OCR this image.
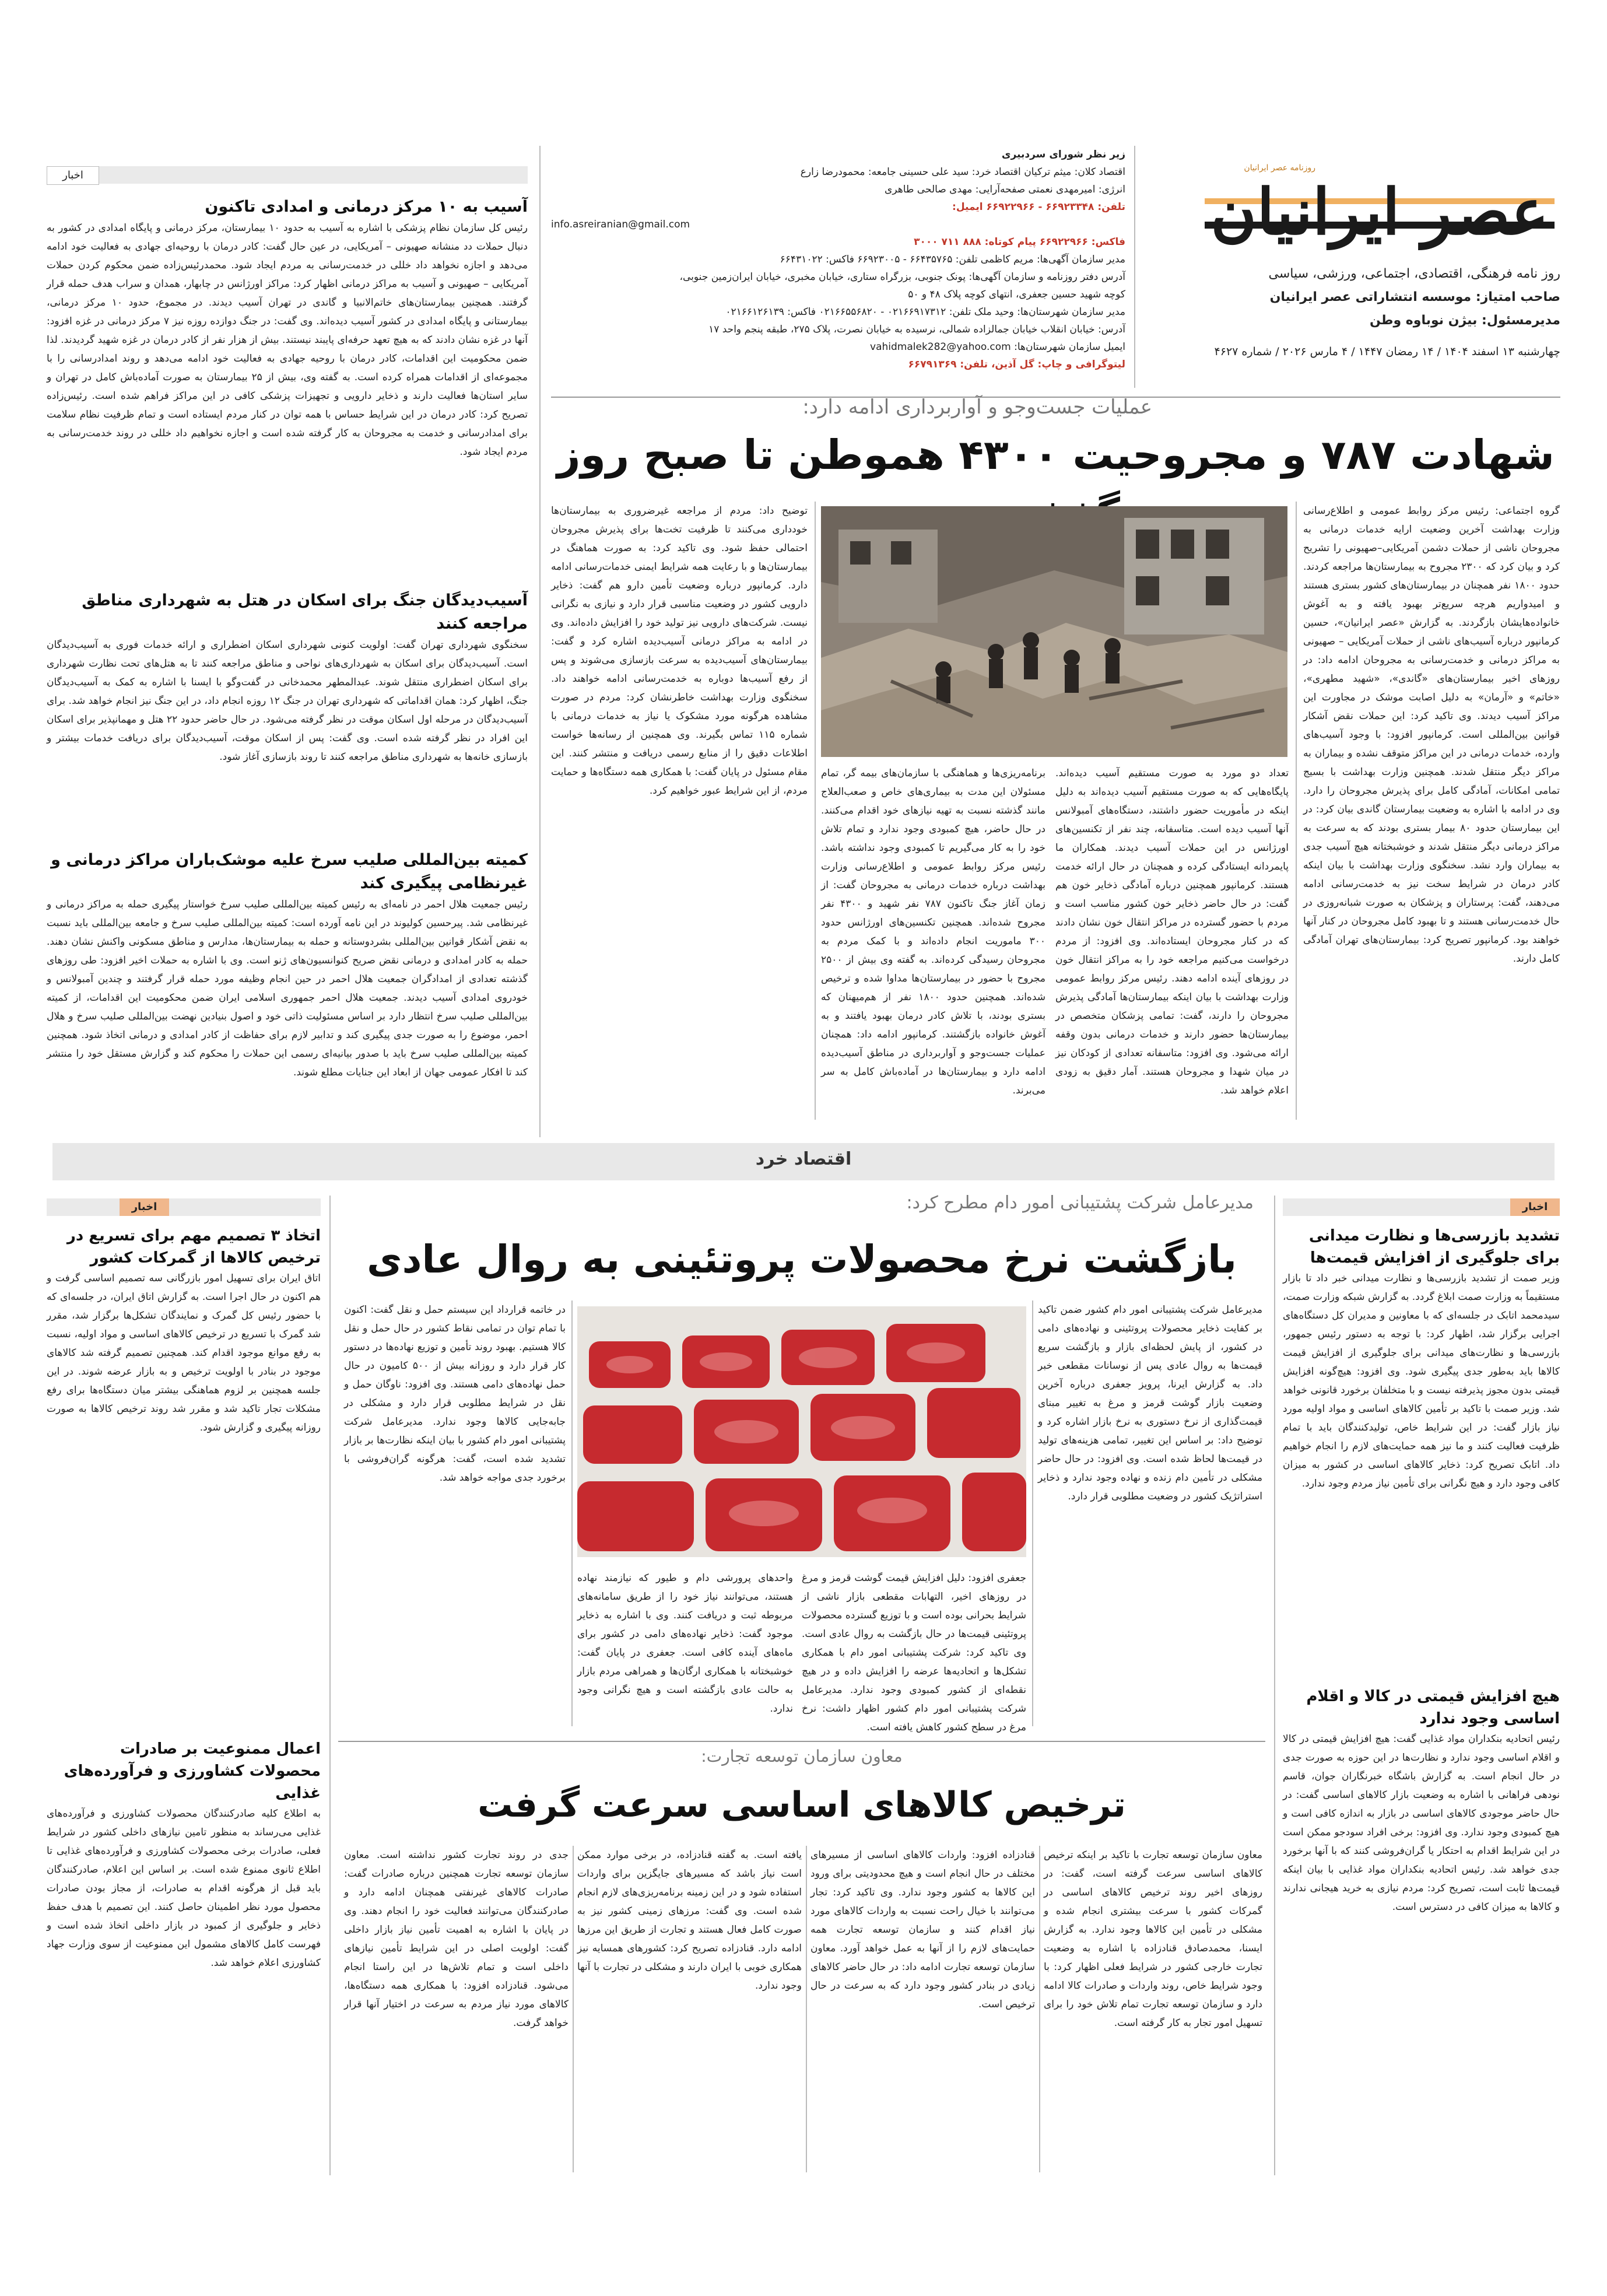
عصر ایرانیان
روزنامه عصر ایرانیان
روز نامه فرهنگی، اقتصادی، اجتماعی، ورزشی، سیاسی
صاحب امتیاز: موسسه انتشاراتی عصر ایرانیان
مدیرمسئول: بیژن نوباوه وطن
چهارشنبه ۱۳ اسفند ۱۴۰۴ / ۱۴ رمضان ۱۴۴۷ / ۴ مارس ۲۰۲۶ / شماره ۴۶۲۷
زیر نظر شورای سردبیری
اقتصاد کلان: میثم ترکیان اقتصاد خرد: سید علی حسینی جامعه: محمودرضا زارع
انرژی: امیرمهدی نعمتی صفحه‌آرایی: مهدی صالحی طاهری
تلفن: ۶۶۹۲۳۳۴۸ - ۶۶۹۲۲۹۶۶ ایمیل:
info.asreiranian@gmail.com
فاکس: ۶۶۹۲۲۹۶۶ پیام کوتاه: ۸۸۸ ۷۱۱ ۳۰۰۰
مدیر سازمان آگهی‌ها: مریم کاظمی تلفن: ۶۶۴۳۵۷۶۵ - ۶۶۹۲۳۰۰۵ فاکس: ۶۶۴۳۱۰۲۲
آدرس دفتر روزنامه و سازمان آگهی‌ها: پونک جنوبی، بزرگراه ستاری، خیابان مخبری، خیابان ایران‌زمین جنوبی،
کوچه شهید حسین جعفری، انتهای کوچه پلاک ۴۸ و ۵۰
مدیر سازمان شهرستان‌ها: وحید ملک تلفن: ۰۲۱۶۶۹۱۷۳۱۲ - ۰۲۱۶۶۵۵۶۸۲۰ فاکس: ۰۲۱۶۶۱۲۶۱۳۹
آدرس: خیابان انقلاب خیابان جمالزاده شمالی، نرسیده به خیابان نصرت، پلاک ۲۷۵، طبقه پنجم واحد ۱۷
ایمیل سازمان شهرستان‌ها: vahidmalek282@yahoo.com
لیتوگرافی و چاپ: گل آذین، تلفن: ۶۶۷۹۱۳۶۹
اخبار
آسیب به ۱۰ مرکز درمانی و امدادی تاکنون
رئیس کل سازمان نظام پزشکی با اشاره به آسیب به حدود ۱۰ بیمارستان، مرکز درمانی و پایگاه امدادی در کشور به دنبال حملات دد منشانه صهیونی – آمریکایی، در عین حال گفت: کادر درمان با روحیه‌ای جهادی به فعالیت خود ادامه می‌دهد و اجازه نخواهد داد خللی در خدمت‌رسانی به مردم ایجاد شود. محمدرئیس‌زاده ضمن محکوم کردن حملات آمریکایی – صهیونی و آسیب به مراکز درمانی اظهار کرد: مراکز اورژانس در چابهار، همدان و سراب هدف حمله قرار گرفتند. همچنین بیمارستان‌های خاتم‌الانبیا و گاندی در تهران آسیب دیدند. در مجموع، حدود ۱۰ مرکز درمانی، بیمارستانی و پایگاه امدادی در کشور آسیب دیده‌اند. وی گفت: در جنگ دوازده روزه نیز ۷ مرکز درمانی در غزه افزود: آنها در غزه نشان دادند که به هیچ تعهد حرفه‌ای پایبند نیستند. بیش از هزار نفر از کادر درمان در غزه شهید گردیدند. لذا ضمن محکومیت این اقدامات، کادر درمان با روحیه جهادی به فعالیت خود ادامه می‌دهد و روند امدادرسانی را با مجموعه‌ای از اقدامات همراه کرده است. به گفته وی، بیش از ۲۵ بیمارستان به صورت آماده‌باش کامل در تهران و سایر استان‌ها فعالیت دارند و ذخایر دارویی و تجهیزات پزشکی کافی در این مراکز فراهم شده است. رئیس‌زاده تصریح کرد: کادر درمان در این شرایط حساس با همه توان در کنار مردم ایستاده است و تمام ظرفیت نظام سلامت برای امدادرسانی و خدمت به مجروحان به کار گرفته شده است و اجازه نخواهیم داد خللی در روند خدمت‌رسانی به مردم ایجاد شود.
آسیب‌دیدگان جنگ برای اسکان در هتل به شهرداری مناطق مراجعه کنند
سخنگوی شهرداری تهران گفت: اولویت کنونی شهرداری اسکان اضطراری و ارائه خدمات فوری به آسیب‌دیدگان است. آسیب‌دیدگان برای اسکان به شهرداری‌های نواحی و مناطق مراجعه کنند تا به هتل‌های تحت نظارت شهرداری برای اسکان اضطراری منتقل شوند. عبدالمطهر محمدخانی در گفت‌وگو با ایسنا با اشاره به کمک به آسیب‌دیدگان جنگ، اظهار کرد: همان اقداماتی که شهرداری تهران در جنگ ۱۲ روزه انجام داد، در این جنگ نیز انجام خواهد شد. برای آسیب‌دیدگان در مرحله اول اسکان موقت در نظر گرفته می‌شود. در حال حاضر حدود ۲۲ هتل و مهمانپذیر برای اسکان این افراد در نظر گرفته شده است. وی گفت: پس از اسکان موقت، آسیب‌دیدگان برای دریافت خدمات بیشتر و بازسازی خانه‌ها به شهرداری مناطق مراجعه کنند تا روند بازسازی آغاز شود.
کمیته بین‌المللی صلیب سرخ علیه موشک‌باران مراکز درمانی و غیرنظامی پیگیری کند
رئیس جمعیت هلال احمر در نامه‌ای به رئیس کمیته بین‌المللی صلیب سرخ خواستار پیگیری حمله به مراکز درمانی و غیرنظامی شد. پیرحسین کولیوند در این نامه آورده است: کمیته بین‌المللی صلیب سرخ و جامعه بین‌المللی باید نسبت به نقض آشکار قوانین بین‌المللی بشردوستانه و حمله به بیمارستان‌ها، مدارس و مناطق مسکونی واکنش نشان دهند. حمله به کادر امدادی و درمانی نقض صریح کنوانسیون‌های ژنو است. وی با اشاره به حملات اخیر افزود: طی روزهای گذشته تعدادی از امدادگران جمعیت هلال احمر در حین انجام وظیفه مورد حمله قرار گرفتند و چندین آمبولانس و خودروی امدادی آسیب دیدند. جمعیت هلال احمر جمهوری اسلامی ایران ضمن محکومیت این اقدامات، از کمیته بین‌المللی صلیب سرخ انتظار دارد بر اساس مسئولیت ذاتی خود و اصول بنیادین نهضت بین‌المللی صلیب سرخ و هلال احمر، موضوع را به صورت جدی پیگیری کند و تدابیر لازم برای حفاظت از کادر امدادی و درمانی اتخاذ شود. همچنین کمیته بین‌المللی صلیب سرخ باید با صدور بیانیه‌ای رسمی این حملات را محکوم کند و گزارش مستقل خود را منتشر کند تا افکار عمومی جهان از ابعاد این جنایات مطلع شوند.
عملیات جست‌وجو و آواربرداری ادامه دارد:
شهادت ۷۸۷ و مجروحیت ۴۳۰۰ هموطن تا صبح روز
گروه اجتماعی: رئیس مرکز روابط عمومی و اطلاع‌رسانی وزارت بهداشت آخرین وضعیت ارایه خدمات درمانی به مجروحان ناشی از حملات دشمن آمریکایی–صهیونی را تشریح کرد و بیان کرد که ۲۳۰۰ مجروح به بیمارستان‌ها مراجعه کردند. حدود ۱۸۰۰ نفر همچنان در بیمارستان‌های کشور بستری هستند و امیدواریم هرچه سریع‌تر بهبود یافته و به آغوش خانواده‌هایشان بازگردند. به گزارش «عصر ایرانیان»، حسین کرمانپور درباره آسیب‌های ناشی از حملات آمریکایی – صهیونی به مراکز درمانی و خدمت‌رسانی به مجروحان ادامه داد: در روزهای اخیر بیمارستان‌های «گاندی»، «شهید مطهری»، «خاتم» و «آرمان» به دلیل اصابت موشک در مجاورت این مراکز آسیب دیدند. وی تاکید کرد: این حملات نقض آشکار قوانین بین‌المللی است. کرمانپور افزود: با وجود آسیب‌های وارده، خدمات درمانی در این مراکز متوقف نشده و بیماران به مراکز دیگر منتقل شدند. همچنین وزارت بهداشت با بسیج تمامی امکانات، آمادگی کامل برای پذیرش مجروحان را دارد. وی در ادامه با اشاره به وضعیت بیمارستان گاندی بیان کرد: در این بیمارستان حدود ۸۰ بیمار بستری بودند که به سرعت به مراکز درمانی دیگر منتقل شدند و خوشبختانه هیچ آسیب جدی به بیماران وارد نشد. سخنگوی وزارت بهداشت با بیان اینکه کادر درمان در شرایط سخت نیز به خدمت‌رسانی ادامه می‌دهند، گفت: پرستاران و پزشکان به صورت شبانه‌روزی در حال خدمت‌رسانی هستند و تا بهبود کامل مجروحان در کنار آنها خواهند بود. کرمانپور تصریح کرد: بیمارستان‌های تهران آمادگی کامل دارند.
تعداد دو مورد به صورت مستقیم آسیب دیده‌اند. پایگاه‌هایی که به صورت مستقیم آسیب دیده‌اند به دلیل اینکه در مأموریت حضور داشتند، دستگاه‌های آمبولانس آنها آسیب دیده است. متاسفانه، چند نفر از تکنسین‌های اورژانس در این حملات آسیب دیدند. همکاران ما پایمردانه ایستادگی کرده و همچنان در حال ارائه خدمت هستند. کرمانپور همچنین درباره آمادگی ذخایر خون هم گفت: در حال حاضر ذخایر خون کشور مناسب است و مردم با حضور گسترده در مراکز انتقال خون نشان دادند که در کنار مجروحان ایستاده‌اند. وی افزود: از مردم درخواست می‌کنیم مراجعه خود را به مراکز انتقال خون در روزهای آینده ادامه دهند. رئیس مرکز روابط عمومی وزارت بهداشت با بیان اینکه بیمارستان‌ها آمادگی پذیرش مجروحان را دارند، گفت: تمامی پزشکان متخصص در بیمارستان‌ها حضور دارند و خدمات درمانی بدون وقفه ارائه می‌شود. وی افزود: متاسفانه تعدادی از کودکان نیز در میان شهدا و مجروحان هستند. آمار دقیق به زودی اعلام خواهد شد.
برنامه‌ریزی‌ها و هماهنگی با سازمان‌های بیمه گر، تمام مسئولان این مدت به بیماری‌های خاص و صعب‌العلاج مانند گذشته نسبت به تهیه نیازهای خود اقدام می‌کنند. در حال حاضر، هیچ کمبودی وجود ندارد و تمام تلاش خود را به کار می‌گیریم تا کمبودی وجود نداشته باشد. رئیس مرکز روابط عمومی و اطلاع‌رسانی وزارت بهداشت درباره خدمات درمانی به مجروحان گفت: از زمان آغاز جنگ تاکنون ۷۸۷ نفر شهید و ۴۳۰۰ نفر مجروح شده‌اند. همچنین تکنسین‌های اورژانس حدود ۳۰۰ ماموریت انجام داده‌اند و با کمک مردم به مجروحان رسیدگی کرده‌اند. به گفته وی بیش از ۲۵۰۰ مجروح با حضور در بیمارستان‌ها مداوا شده و ترخیص شده‌اند. همچنین حدود ۱۸۰۰ نفر از هم‌میهنان که بستری بودند، با تلاش کادر درمان بهبود یافتند و به آغوش خانواده بازگشتند. کرمانپور ادامه داد: همچنان عملیات جست‌وجو و آواربرداری در مناطق آسیب‌دیده ادامه دارد و بیمارستان‌ها در آماده‌باش کامل به سر می‌برند.
توضیح داد: مردم از مراجعه غیرضروری به بیمارستان‌ها خودداری می‌کنند تا ظرفیت تخت‌ها برای پذیرش مجروحان احتمالی حفظ شود. وی تاکید کرد: به صورت هماهنگ در بیمارستان‌ها و با رعایت همه شرایط ایمنی خدمات‌رسانی ادامه دارد. کرمانپور درباره وضعیت تأمین دارو هم گفت: ذخایر دارویی کشور در وضعیت مناسبی قرار دارد و نیازی به نگرانی نیست. شرکت‌های دارویی نیز تولید خود را افزایش داده‌اند. وی در ادامه به مراکز درمانی آسیب‌دیده اشاره کرد و گفت: بیمارستان‌های آسیب‌دیده به سرعت بازسازی می‌شوند و پس از رفع آسیب‌ها دوباره به خدمت‌رسانی ادامه خواهند داد. سخنگوی وزارت بهداشت خاطرنشان کرد: مردم در صورت مشاهده هرگونه مورد مشکوک یا نیاز به خدمات درمانی با شماره ۱۱۵ تماس بگیرند. وی همچنین از رسانه‌ها خواست اطلاعات دقیق را از منابع رسمی دریافت و منتشر کنند. این مقام مسئول در پایان گفت: با همکاری همه دستگاه‌ها و حمایت مردم، از این شرایط عبور خواهیم کرد.
اقتصاد خرد
اخبار
تشدید بازرسی‌ها و نظارت میدانی برای جلوگیری از افزایش قیمت‌ها
وزیر صمت از تشدید بازرسی‌ها و نظارت میدانی خبر داد تا بازار مستقیماً به وزارت صمت ابلاغ گردد. به گزارش شبکه وزارت صمت، سیدمحمد اتابک در جلسه‌ای که با معاونین و مدیران کل دستگاه‌های اجرایی برگزار شد، اظهار کرد: با توجه به دستور رئیس جمهور، بازرسی‌ها و نظارت‌های میدانی برای جلوگیری از افزایش قیمت کالاها باید به‌طور جدی پیگیری شود. وی افزود: هیچ‌گونه افزایش قیمتی بدون مجوز پذیرفته نیست و با متخلفان برخورد قانونی خواهد شد. وزیر صمت با تاکید بر تأمین کالاهای اساسی و مواد اولیه مورد نیاز بازار گفت: در این شرایط خاص، تولیدکنندگان باید با تمام ظرفیت فعالیت کنند و ما نیز همه حمایت‌های لازم را انجام خواهیم داد. اتابک تصریح کرد: ذخایر کالاهای اساسی در کشور به میزان کافی وجود دارد و هیچ نگرانی برای تأمین نیاز مردم وجود ندارد.
هیچ افزایش قیمتی در کالا و اقلام اساسی وجود ندارد
رئیس اتحادیه بنکداران مواد غذایی گفت: هیچ افزایش قیمتی در کالا و اقلام اساسی وجود ندارد و نظارت‌ها در این حوزه به صورت جدی در حال انجام است. به گزارش باشگاه خبرنگاران جوان، قاسم نودهی فراهانی با اشاره به وضعیت بازار کالاهای اساسی گفت: در حال حاضر موجودی کالاهای اساسی در بازار به اندازه کافی است و هیچ کمبودی وجود ندارد. وی افزود: برخی افراد سودجو ممکن است در این شرایط اقدام به احتکار یا گران‌فروشی کنند که با آنها برخورد جدی خواهد شد. رئیس اتحادیه بنکداران مواد غذایی با بیان اینکه قیمت‌ها ثابت است، تصریح کرد: مردم نیازی به خرید هیجانی ندارند و کالاها به میزان کافی در دسترس است.
مدیرعامل شرکت پشتیبانی امور دام مطرح کرد:
بازگشت نرخ محصولات پروتئینی به روال عادی
مدیرعامل شرکت پشتیبانی امور دام کشور ضمن تاکید بر کفایت ذخایر محصولات پروتئینی و نهاده‌های دامی در کشور، از پایش لحظه‌ای بازار و بازگشت سریع قیمت‌ها به روال عادی پس از نوسانات مقطعی خبر داد. به گزارش ایرنا، پرویز جعفری درباره آخرین وضعیت بازار گوشت قرمز و مرغ به تغییر مبنای قیمت‌گذاری از نرخ دستوری به نرخ بازار اشاره کرد و توضیح داد: بر اساس این تغییر، تمامی هزینه‌های تولید در قیمت‌ها لحاظ شده است. وی افزود: در حال حاضر مشکلی در تأمین دام زنده و نهاده وجود ندارد و ذخایر استراتژیک کشور در وضعیت مطلوبی قرار دارد.
جعفری افزود: دلیل افزایش قیمت گوشت قرمز و مرغ در روزهای اخیر، التهابات مقطعی بازار ناشی از شرایط بحرانی بوده است و با توزیع گسترده محصولات پروتئینی قیمت‌ها در حال بازگشت به روال عادی است. وی تاکید کرد: شرکت پشتیبانی امور دام با همکاری تشکل‌ها و اتحادیه‌ها عرضه را افزایش داده و در هیچ نقطه‌ای از کشور کمبودی وجود ندارد. مدیرعامل شرکت پشتیبانی امور دام کشور اظهار داشت: نرخ مرغ در سطح کشور کاهش یافته است.
واحدهای پرورشی دام و طیور که نیازمند نهاده هستند، می‌توانند نیاز خود را از طریق سامانه‌های مربوطه ثبت و دریافت کنند. وی با اشاره به ذخایر موجود گفت: ذخایر نهاده‌های دامی در کشور برای ماه‌های آینده کافی است. جعفری در پایان گفت: خوشبختانه با همکاری ارگان‌ها و همراهی مردم بازار به حالت عادی بازگشته است و هیچ نگرانی وجود ندارد.
در خاتمه قرارداد این سیستم حمل و نقل گفت: اکنون با تمام توان در تمامی نقاط کشور در حال حمل و نقل کالا هستیم. بهبود روند تأمین و توزیع نهاده‌ها در دستور کار قرار دارد و روزانه بیش از ۵۰۰ کامیون در حال حمل نهاده‌های دامی هستند. وی افزود: ناوگان حمل و نقل در شرایط مطلوبی قرار دارد و مشکلی در جابه‌جایی کالاها وجود ندارد. مدیرعامل شرکت پشتیبانی امور دام کشور با بیان اینکه نظارت‌ها بر بازار تشدید شده است، گفت: هرگونه گران‌فروشی با برخورد جدی مواجه خواهد شد.
اخبار
اتخاذ ۳ تصمیم مهم برای تسریع در ترخیص کالاها از گمرکات کشور
اتاق ایران برای تسهیل امور بازرگانی سه تصمیم اساسی گرفت و هم اکنون در حال اجرا است. به گزارش اتاق ایران، در جلسه‌ای که با حضور رئیس کل گمرک و نمایندگان تشکل‌ها برگزار شد، مقرر شد گمرک با تسریع در ترخیص کالاهای اساسی و مواد اولیه، نسبت به رفع موانع موجود اقدام کند. همچنین تصمیم گرفته شد کالاهای موجود در بنادر با اولویت ترخیص و به بازار عرضه شوند. در این جلسه همچنین بر لزوم هماهنگی بیشتر میان دستگاه‌ها برای رفع مشکلات تجار تاکید شد و مقرر شد روند ترخیص کالاها به صورت روزانه پیگیری و گزارش شود.
اعمال ممنوعیت بر صادرات محصولات کشاورزی و فرآورده‌های غذایی
به اطلاع کلیه صادرکنندگان محصولات کشاورزی و فرآورده‌های غذایی می‌رساند به منظور تامین نیازهای داخلی کشور در شرایط فعلی، صادرات برخی محصولات کشاورزی و فرآورده‌های غذایی تا اطلاع ثانوی ممنوع شده است. بر اساس این اعلام، صادرکنندگان باید قبل از هرگونه اقدام به صادرات، از مجاز بودن صادرات محصول مورد نظر اطمینان حاصل کنند. این تصمیم با هدف حفظ ذخایر و جلوگیری از کمبود در بازار داخلی اتخاذ شده است و فهرست کامل کالاهای مشمول این ممنوعیت از سوی وزارت جهاد کشاورزی اعلام خواهد شد.
معاون سازمان توسعه تجارت:
ترخیص کالاهای اساسی سرعت گرفت
معاون سازمان توسعه تجارت با تاکید بر اینکه ترخیص کالاهای اساسی سرعت گرفته است، گفت: در روزهای اخیر روند ترخیص کالاهای اساسی در گمرکات کشور با سرعت بیشتری انجام شده و مشکلی در تأمین این کالاها وجود ندارد. به گزارش ایسنا، محمدصادق قنادزاده با اشاره به وضعیت تجارت خارجی کشور در شرایط فعلی اظهار کرد: با وجود شرایط خاص، روند واردات و صادرات کالا ادامه دارد و سازمان توسعه تجارت تمام تلاش خود را برای تسهیل امور تجار به کار گرفته است.
قنادزاده افزود: واردات کالاهای اساسی از مسیرهای مختلف در حال انجام است و هیچ محدودیتی برای ورود این کالاها به کشور وجود ندارد. وی تاکید کرد: تجار می‌توانند با خیال راحت نسبت به واردات کالاهای مورد نیاز اقدام کنند و سازمان توسعه تجارت همه حمایت‌های لازم را از آنها به عمل خواهد آورد. معاون سازمان توسعه تجارت ادامه داد: در حال حاضر کالاهای زیادی در بنادر کشور وجود دارد که به سرعت در حال ترخیص است.
یافته است. به گفته قنادزاده، در برخی موارد ممکن است نیاز باشد که مسیرهای جایگزین برای واردات استفاده شود و در این زمینه برنامه‌ریزی‌های لازم انجام شده است. وی گفت: مرزهای زمینی کشور نیز به صورت کامل فعال هستند و تجارت از طریق این مرزها ادامه دارد. قنادزاده تصریح کرد: کشورهای همسایه نیز همکاری خوبی با ایران دارند و مشکلی در تجارت با آنها وجود ندارد.
جدی در روند تجارت کشور نداشته است. معاون سازمان توسعه تجارت همچنین درباره صادرات گفت: صادرات کالاهای غیرنفتی همچنان ادامه دارد و صادرکنندگان می‌توانند فعالیت خود را انجام دهند. وی در پایان با اشاره به اهمیت تأمین نیاز بازار داخلی گفت: اولویت اصلی در این شرایط تأمین نیازهای داخلی است و تمام تلاش‌ها در این راستا انجام می‌شود. قنادزاده افزود: با همکاری همه دستگاه‌ها، کالاهای مورد نیاز مردم به سرعت در اختیار آنها قرار خواهد گرفت.
